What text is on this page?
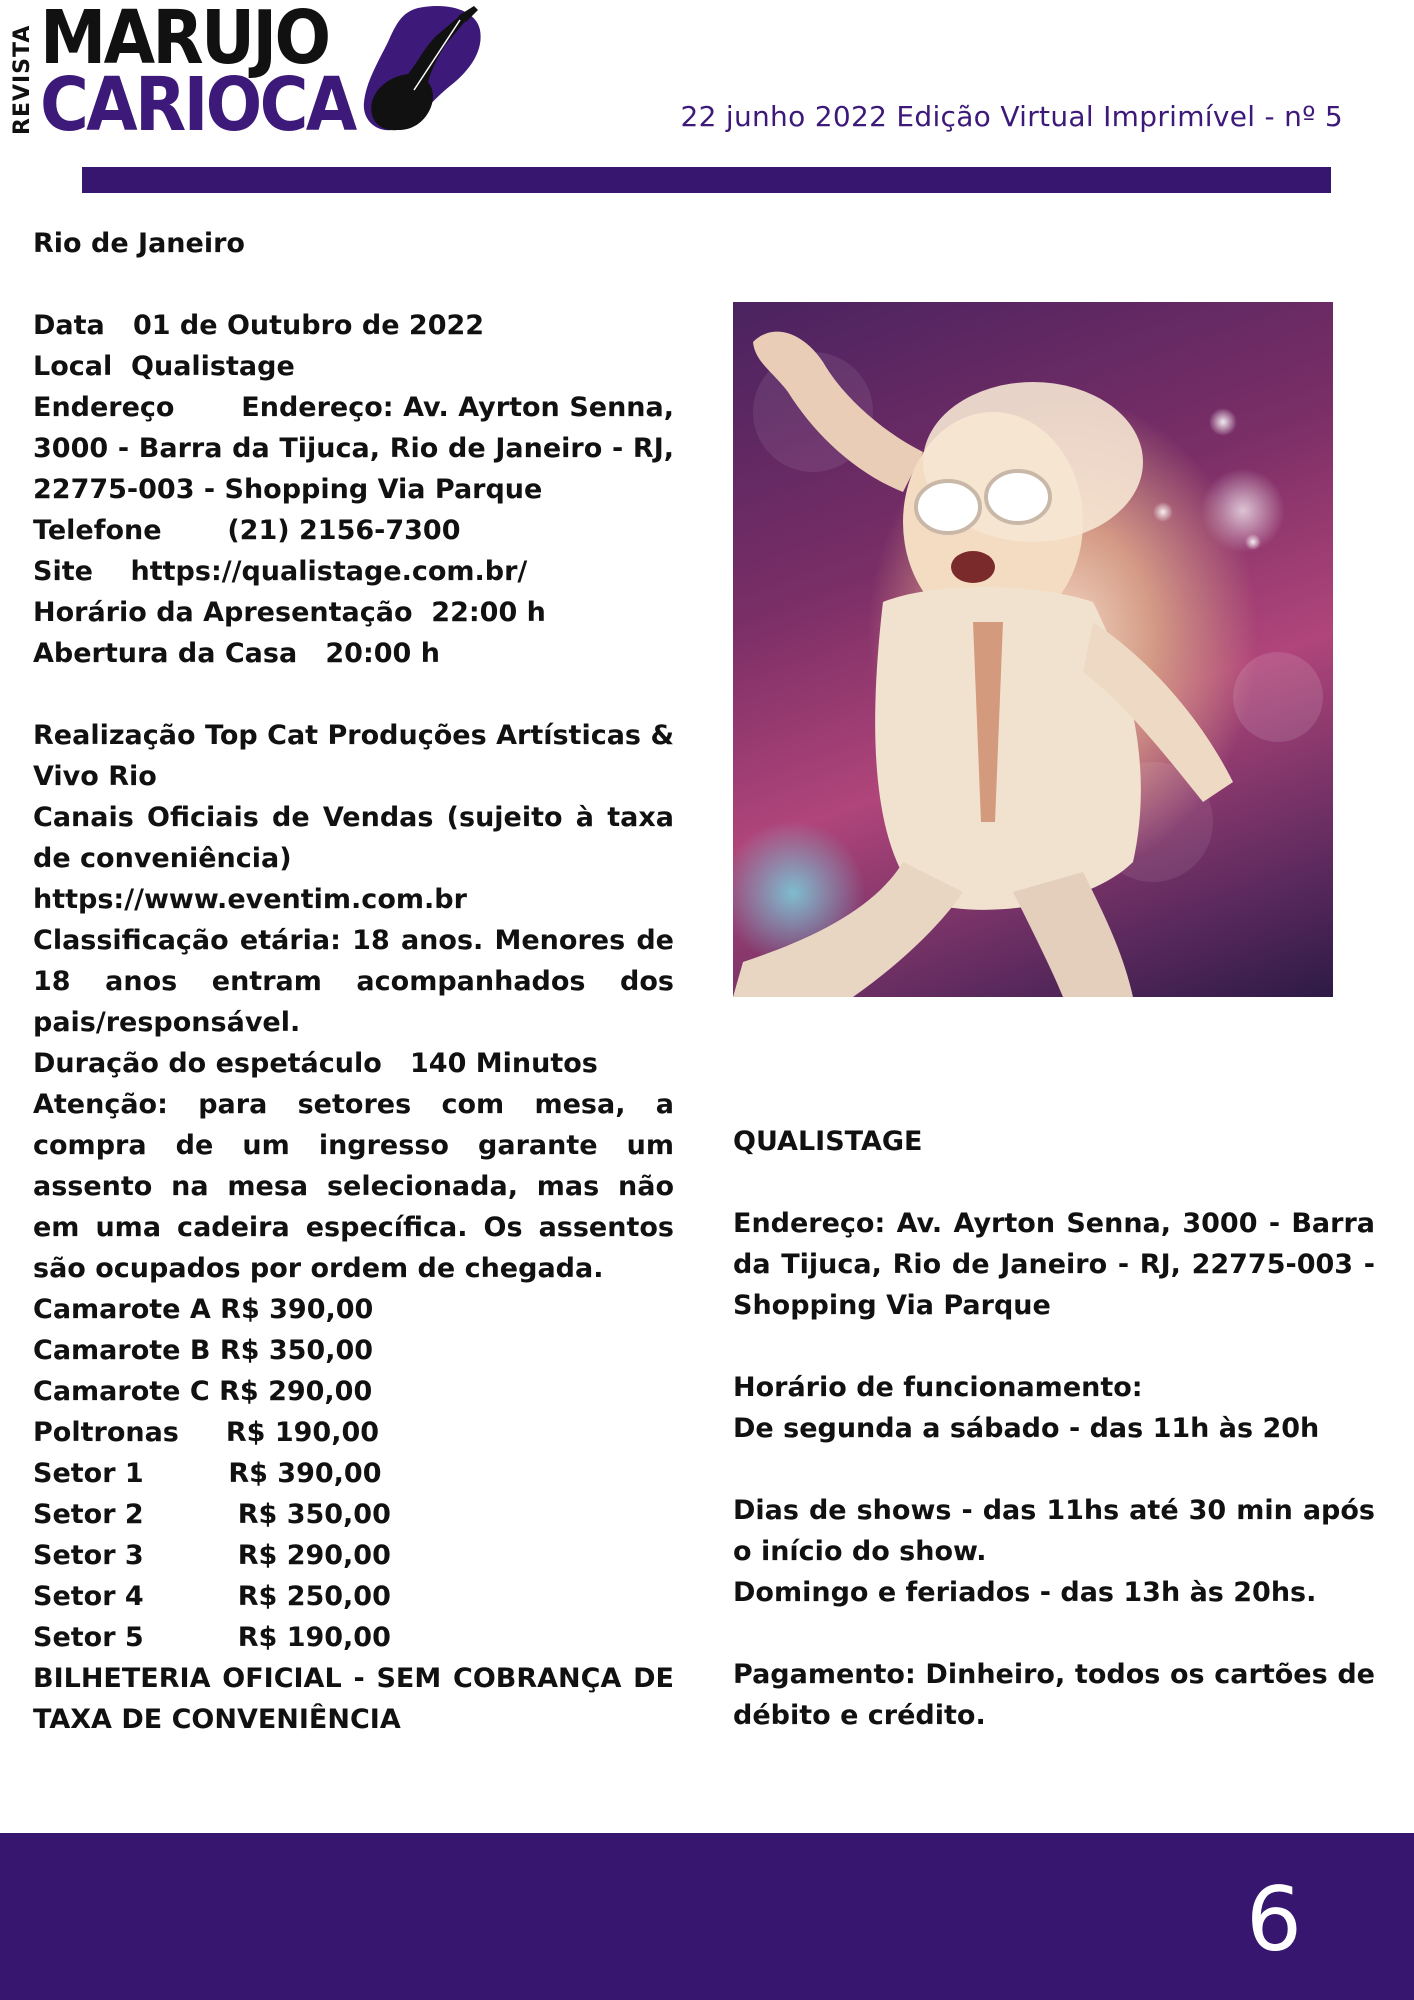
REVISTA MARUJO
CARIOCA	22 junho 2022 Edição Virtual Imprimível - nº 5

Rio de Janeiro

Data   01 de Outubro de 2022

Local  Qualistage

Endereço       Endereço: Av. Ayrton Senna, 3000 - Barra da Tijuca, Rio de Janeiro - RJ, 22775-003 - Shopping Via Parque

Telefone       (21) 2156-7300

Site    https://qualistage.com.br/

Horário da Apresentação  22:00 h

Abertura da Casa   20:00 h

Realização Top Cat Produções Artísticas & Vivo Rio

Canais Oficiais de Vendas (sujeito à taxa de conveniência)

https://www.eventim.com.br

Classificação etária: 18 anos. Menores de 18 anos entram acompanhados dos pais/responsável.

Duração do espetáculo   140 Minutos

Atenção: para setores com mesa, a compra de um ingresso garante um assento na mesa selecionada, mas não em uma cadeira específica. Os assentos são ocupados por ordem de chegada.

Camarote A R$ 390,00

Camarote B R$ 350,00

Camarote C R$ 290,00

Poltronas     R$ 190,00

Setor 1         R$ 390,00

Setor 2          R$ 350,00

Setor 3          R$ 290,00

Setor 4          R$ 250,00

Setor 5          R$ 190,00

BILHETERIA OFICIAL - SEM COBRANÇA DE TAXA DE CONVENIÊNCIA

QUALISTAGE

Endereço: Av. Ayrton Senna, 3000 - Barra da Tijuca, Rio de Janeiro - RJ, 22775-003 - Shopping Via Parque

Horário de funcionamento:

De segunda a sábado - das 11h às 20h

Dias de shows - das 11hs até 30 min após o início do show.

Domingo e feriados - das 13h às 20hs.

Pagamento: Dinheiro, todos os cartões de débito e crédito.

6
